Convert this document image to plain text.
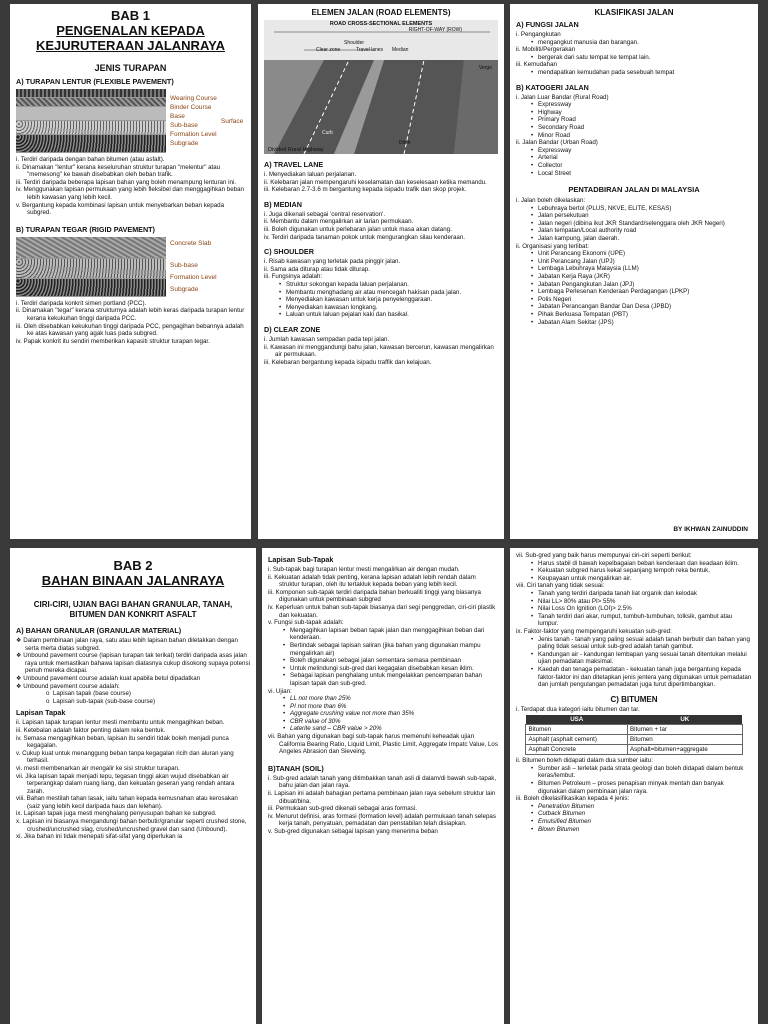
BAB 1
PENGENALAN KEPADA
KEJURUTERAAN JALANRAYA
JENIS TURAPAN
A) TURAPAN LENTUR (FLEXIBLE PAVEMENT)
Wearing Course
Binder Course
Base
Sub-base
Formation Level
Subgrade
Surface
i. Terdiri daripada dengan bahan bitumen (atau asfalt).
ii. Dinamakan "lentur" kerana keseluruhan struktur turapan "melentur" atau "memesong" ke bawah disebabkan oleh beban trafik.
iii. Terdiri daripada beberapa lapisan bahan yang boleh menampung lenturan ini.
iv. Menggunakan lapisan permukaan yang lebih fleksibel dan menggagihkan beban lebih kawasan yang lebih kecil.
v. Bergantung kepada kombinasi lapisan untuk menyebarkan beban kepada subgred.
B) TURAPAN TEGAR (RIGID PAVEMENT)
Concrete Slab
Sub-base
Formation Level
Subgrade
i. Terdiri daripada konkrit simen portland (PCC).
ii. Dinamakan "tegar" kerana strukturnya adalah lebih keras daripada turapan lentur kerana kekukuhan tinggi daripada PCC.
iii. Oleh disebabkan kekukuhan tinggi daripada PCC, pengagihan bebannya adalah ke atas kawasan yang agak luas pada subgred.
iv. Papak konkrit itu sendiri memberikan kapasiti struktur turapan tegar.
ELEMEN JALAN (ROAD ELEMENTS)
ROAD CROSS-SECTIONAL ELEMENTS
RIGHT-OF-WAY (ROW)
Shoulder
Clear zone	Travel lanes Median
Verge
Curb
Ditch
Divided Rural Highway
A) TRAVEL LANE
i. Menyediakan laluan perjalanan.
ii. Kelebaran jalan mempengaruhi keselamatan dan keselesaan ketika memandu.
iii. Kelebaran 2.7-3.6 m bergantung kepada isipadu trafik dan skop projek.
B) MEDIAN
i. Juga dikenali sebagai 'central reservation'.
ii. Membantu dalam mengalirkan air larian permukaan.
iii. Boleh digunakan untuk perlebaran jalan untuk masa akan datang.
iv. Terdiri daripada tanaman pokok untuk mengurangkan silau kenderaan.
C) SHOULDER
i. Risab kawasan yang terletak pada pinggir jalan.
ii. Sama ada diturap atau tidak diturap.
iii. Fungsinya adalah:
• Struktur sokongan kepada laluan perjalanan.
• Membantu menghadang air atau mencegah hakisan pada jalan.
• Menyediakan kawasan untuk kerja penyelenggaraan.
• Menyediakan kawasan longkang.
• Laluan untuk laluan pejalan kaki dan basikal.
D) CLEAR ZONE
i. Jumlah kawasan sempadan pada tepi jalan.
ii. Kawasan ini menggandungi bahu jalan, kawasan bercerun, kawasan mengalirkan air permukaan.
iii. Kelebaran bergantung kepada isipadu traffik dan kelajuan.
KLASIFIKASI JALAN
A) FUNGSI JALAN
i. Pengangkutan
• mengangkut manusia dan barangan.
ii. Mobiliti/Pergerakan
• bergerak dari satu tempat ke tempat lain.
iii. Kemudahan
• mendapatkan kemudahan pada sesebuah tempat
B) KATOGERI JALAN
i. Jalan Luar Bandar (Rural Road)
• Expressway
• Highway
• Primary Road
• Secondary Road
• Minor Road
ii. Jalan Bandar (Urban Road)
• Expressway
• Arterial
• Collector
• Local Street
PENTADBIRAN JALAN DI MALAYSIA
i. Jalan boleh dikelaskan:
• Lebuhraya bertol (PLUS, NKVE, ELITE, KESAS)
• Jalan persekutuan
• Jalan negeri (dibina ikut JKR Standard/selenggara oleh JKR Negeri)
• Jalan tempatan/Local authority road
• Jalan kampung, jalan daerah.
ii. Organisasi yang terlibat:
• Unit Perancang Ekonomi (UPE)
• Unit Perancang Jalan (UPJ)
• Lembaga Lebuhraya Malaysia (LLM)
• Jabatan Kerja Raya (JKR)
• Jabatan Pengangkutan Jalan (JPJ)
• Lembaga Perlesenan Kenderaan Perdagangan (LPKP)
• Polis Negeri
• Jabatan Perancangan Bandar Dan Desa (JPBD)
• Pihak Berkuasa Tempatan (PBT)
• Jabatan Alam Sekitar (JPS)
BY IKHWAN ZAINUDDIN
BAB 2
BAHAN BINAAN JALANRAYA
CIRI-CIRI, UJIAN BAGI BAHAN GRANULAR, TANAH, BITUMEN DAN KONKRIT ASFALT
A) BAHAN GRANULAR (GRANULAR MATERIAL)
❖ Dalam pembinaan jalan raya, satu atau lebih lapisan bahan diletakkan dengan serta merta diatas subgred.
❖ Unbound pavement course (lapisan turapan tak terikat) terdiri daripada asas jalan raya untuk memastikan bahawa lapisan diatasnya cukup disokong supaya potensi penuh mereka dicapai.
❖ Unbound pavement course adalah kuat apabila betul dipadatkan
❖ Unbound pavement course adalah:
o  Lapisan tapak (base course)
o  Lapisan sub-tapak (sub-base course)
Lapisan Tapak
ii. Lapisan tapak turapan lentur mesti membantu untuk mengagihkan beban.
iii. Ketebalan adalah faktor penting dalam reka bentuk.
iv. Semasa mengagihkan beban, lapisan itu sendiri tidak boleh menjadi punca kegagalan.
v. Cukup kuat untuk menanggung beban tanpa kegagalan ricih dan aluran yang terhasil.
vi. mesti membenarkan air mengalir ke sisi struktur turapan.
vii. Jika lapisan tapak menjadi tepu, tegasan tinggi akan wujud disebabkan air terperangkap dalam ruang liang, dan kekuatan geseran yang rendah antara zarah.
viii. Bahan mestilah tahan lasak, iaitu tahan kepada kemusnahan atau kerosakan (saiz yang lebih kecil daripada haus dan lelehan).
ix. Lapisan tapak juga mesti menghalang penyusupan bahan ke subgred.
x. Lapisan ini biasanya mengandungi bahan berbutir/granular seperti crushed stone, crushed/uncrushed slag, crushed/uncrushed gravel dan sand (Unbound).
xi. Jika bahan ini tidak menepati sifat-sifat yang diperlukan ia
Lapisan Sub-Tapak
i. Sub-tapak bagi turapan lentur mesti mengalirkan air dengan mudah.
ii. Kekuatan adalah tidak penting, kerana lapisan adalah lebih rendah dalam struktur turapan, oleh itu tertakluk kepada beban yang lebih kecil.
iii. Komponen sub-tapak terdiri daripada bahan berkualiti tinggi yang biasanya digunakan untuk pembinaan subgred
iv. Keperluan untuk bahan sub-tapak biasanya dari segi penggredan, ciri-ciri plastik dan kekuatan.
v. Fungsi sub-tapak adalah:
• Mengagihkan lapisan beban tapak jalan dan menggagihkan beban dari kenderaan.
• Bertindak sebagai lapisan saliran (jika bahan yang digunakan mampu mengalirkan air)
• Boleh digunakan sebagai jalan sementara semasa pembinaan
• Untuk melindungi sub-gred dari kegagalan disebabkan kesan iklim.
• Sebagai lapisan penghalang untuk mengelakkan pencemparan bahan lapisan tapak dan sub-gred.
vi. Ujian:
• LL not more than 25%
• PI not more than 6%
• Aggregate crushing value not more than 35%
• CBR value of 30%
• Laterite sand – CBR value > 20%
vii. Bahan yang digunakan bagi sub-tapak harus memenuhi keheadak ujian California Bearing Ratio, Liquid Limit, Plastic Limit, Aggregate Impatc Value, Los Angeles Abrasion dan Sieveing.
B)TANAH (SOIL)
i. Sub-gred adalah tanah yang ditimbakkan tanah asli di dalam/di bawah sub-tapak, bahu jalan dan jalan raya.
ii. Lapisan ini adalah bahagian pertama pembinaan jalan raya sebelum struktur lain dibuat/bina.
iii. Permukaan sub-gred dikenali sebagai aras formasi.
iv. Menurut definisi, aras formasi (formation level) adalah permukaan tanah selepas kerja tanah, penyatuan, pemadatan dan penstabilan telah disiapkan.
v. Sub-gred digunakan sebagai lapisan yang menerima beban
vii. Sub-gred yang baik harus mempunyai ciri-ciri seperti berikut:
• Harus stabil di bawah kepelbagaian beban kenderaan dan keadaan iklim.
• Kekuatan subgred harus kekal sepanjang tempoh reka bentuk.
• Keupayaan untuk mengalirkan air.
viii. Ciri tanah yang tidak sesuai:
• Tanah yang terdiri daripada tanah liat organik dan kelodak
• Nilai LL> 80% atau PI> 55%
• Nilai Loss On Ignition (LOI)> 2.5%
• Tanah terdiri dari akar, rumput, tumbuh-tumbuhan, tolksik, gambut atau lumpur.
ix. Faktor-faktor yang mempengaruhi kekuatan sub-gred:
• Jenis tanah - tanah yang paling sesuai adalah tanah berbutir dan bahan yang paling tidak sesuai untuk sub-gred adalah tanah gambut.
• Kandungan air - kandungan lembapan yang sesuai tanah ditentukan melalui ujian pemadatan maksimal.
• Kaedah dan tenaga pemadatan - kekuatan tanah juga bergantung kepada faktor-faktor ini dan ditetapkan jenis jentera yang digunakan untuk pemadatan dan jumlah pengulangan pemadatan juga turut dipertimbangkan.
C) BITUMEN
i. Terdapat dua kategori iaitu bitumen dan tar.
USA	UK
Bitumen	Bitumen + tar
Asphalt (asphalt cement)	Bitumen
Asphalt Concrete	Asphalt=bitumen+aggregate
ii. Bitumen boleh didapati dalam dua sumber iaitu:
• Sumber asli – terletak pada strata geologi dan boleh didapati dalam bentuk keras/lembut.
• Bitumen Petroleum – proses penapisan minyak mentah dan banyak digunakan dalam pembinaan jalan raya.
iii. Boleh dikelasifikasikan kepada 4 jenis:
• Penetration Bitumen
• Cutback Bitumen
• Emulsified Bitumen
• Blown Bitumen
